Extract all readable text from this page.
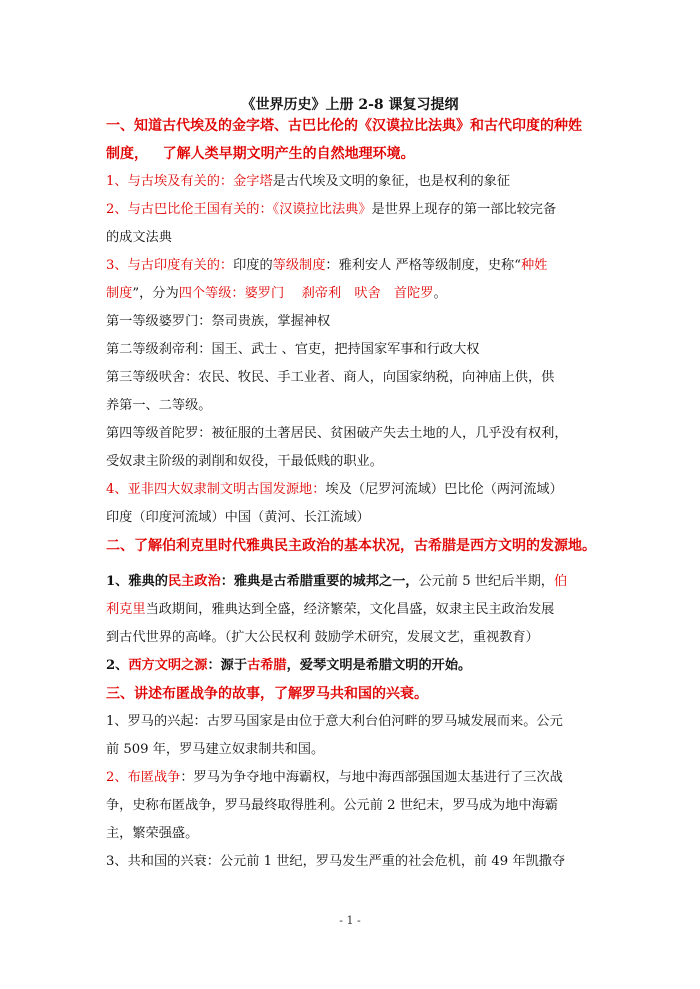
《世界历史》上册 2-8 课复习提纲
一、知道古代埃及的金字塔、古巴比伦的《汉谟拉比法典》和古代印度的种姓
制度， 了解人类早期文明产生的自然地理环境。
1、与古埃及有关的：金字塔是古代埃及文明的象征，也是权利的象征
2、与古巴比伦王国有关的：《汉谟拉比法典》是世界上现存的第一部比较完备
的成文法典
3、与古印度有关的：印度的等级制度：雅利安人 严格等级制度，史称“种姓
制度”，分为四个等级：婆罗门　 刹帝利　吠舍　首陀罗。
第一等级婆罗门：祭司贵族，掌握神权
第二等级刹帝利：国王、武士 、官吏，把持国家军事和行政大权
第三等级吠舍：农民、牧民、手工业者、商人，向国家纳税，向神庙上供，供
养第一、二等级。
第四等级首陀罗：被征服的土著居民、贫困破产失去土地的人，几乎没有权利，
受奴隶主阶级的剥削和奴役，干最低贱的职业。
4、亚非四大奴隶制文明古国发源地：埃及（尼罗河流域）巴比伦（两河流域）
印度（印度河流域）中国（黄河、长江流域）
二、了解伯利克里时代雅典民主政治的基本状况，古希腊是西方文明的发源地。
1、雅典的民主政治：雅典是古希腊重要的城邦之一，公元前 5 世纪后半期，伯
利克里当政期间，雅典达到全盛，经济繁荣，文化昌盛，奴隶主民主政治发展
到古代世界的高峰。（扩大公民权利 鼓励学术研究，发展文艺，重视教育）
2、西方文明之源：源于古希腊，爱琴文明是希腊文明的开始。
三、讲述布匿战争的故事，了解罗马共和国的兴衰。
1、罗马的兴起：古罗马国家是由位于意大利台伯河畔的罗马城发展而来。公元
前 509 年，罗马建立奴隶制共和国。
2、布匿战争：罗马为争夺地中海霸权，与地中海西部强国迦太基进行了三次战
争，史称布匿战争，罗马最终取得胜利。公元前 2 世纪末，罗马成为地中海霸
主，繁荣强盛。
3、共和国的兴衰：公元前 1 世纪，罗马发生严重的社会危机，前 49 年凯撒夺
- 1 -
